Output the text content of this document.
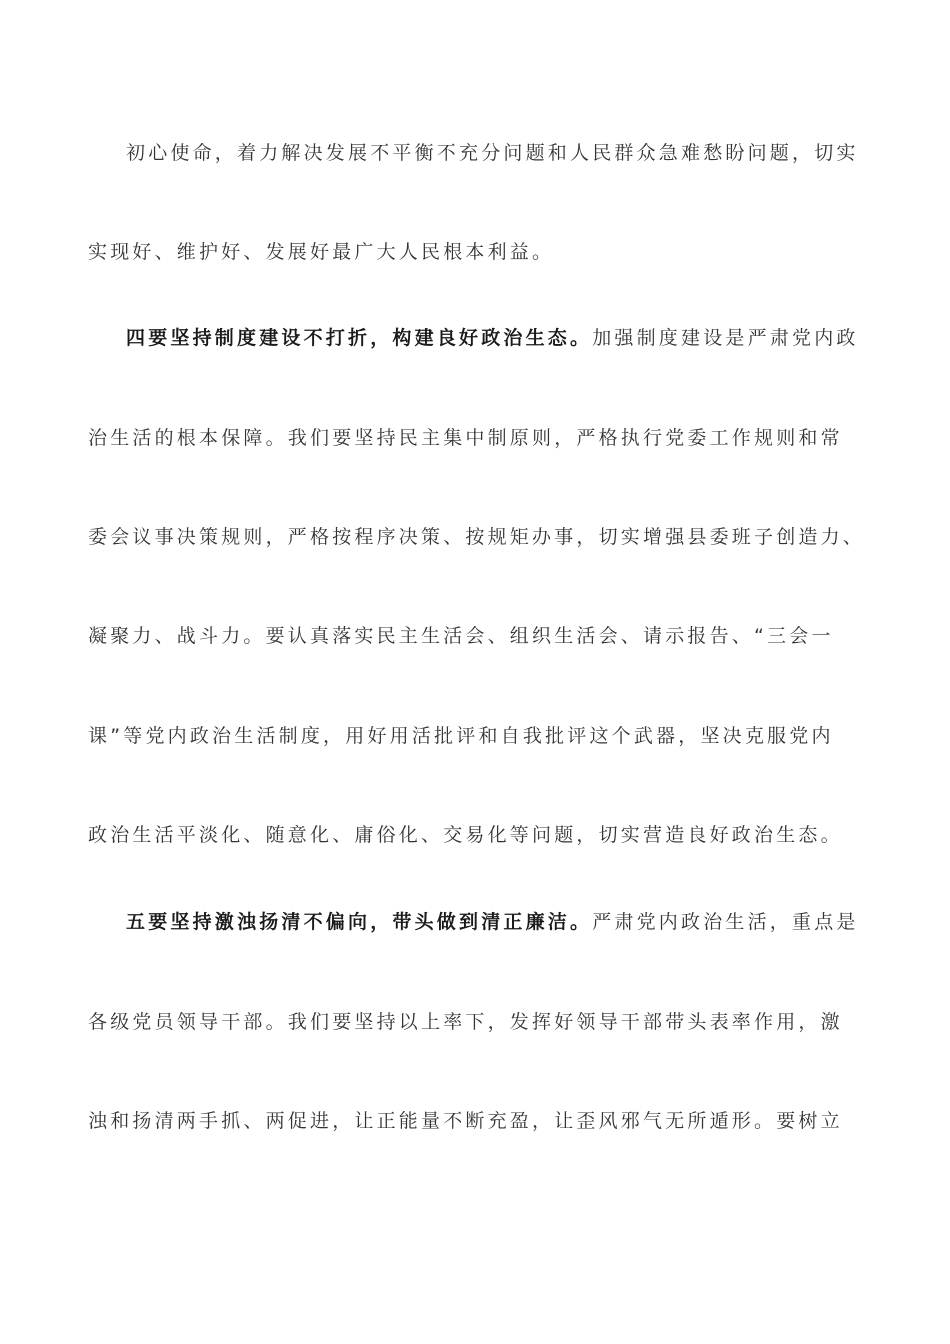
初心使命，着力解决发展不平衡不充分问题和人民群众急难愁盼问题，切实
实现好、维护好、发展好最广大人民根本利益。
四要坚持制度建设不打折，构建良好政治生态。加强制度建设是严肃党内政
治生活的根本保障。我们要坚持民主集中制原则，严格执行党委工作规则和常
委会议事决策规则，严格按程序决策、按规矩办事，切实增强县委班子创造力、
凝聚力、战斗力。要认真落实民主生活会、组织生活会、请示报告、“三会一
课”等党内政治生活制度，用好用活批评和自我批评这个武器，坚决克服党内
政治生活平淡化、随意化、庸俗化、交易化等问题，切实营造良好政治生态。
五要坚持激浊扬清不偏向，带头做到清正廉洁。严肃党内政治生活，重点是
各级党员领导干部。我们要坚持以上率下，发挥好领导干部带头表率作用，激
浊和扬清两手抓、两促进，让正能量不断充盈，让歪风邪气无所遁形。要树立
